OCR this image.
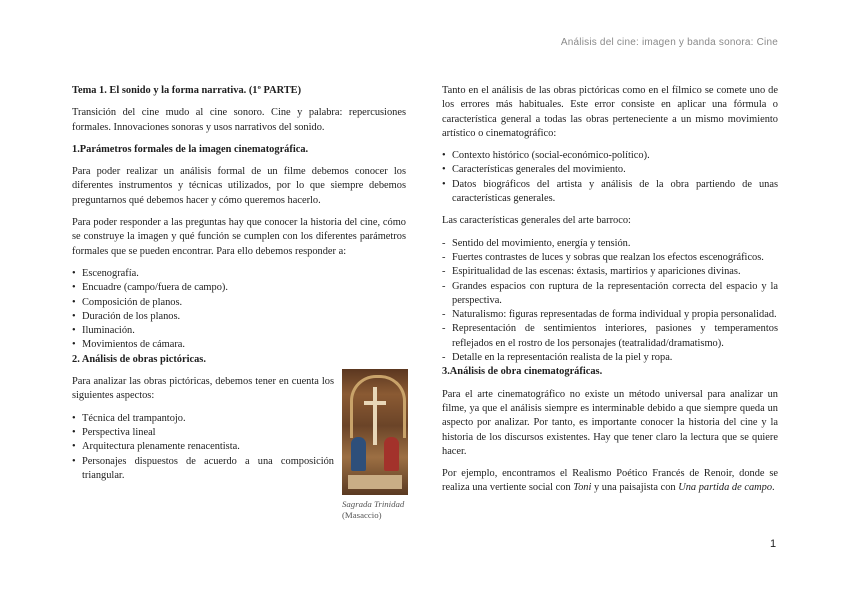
Análisis del cine: imagen y banda sonora: Cine
Tema 1. El sonido y la forma narrativa. (1º PARTE)

Transición del cine mudo al cine sonoro. Cine y palabra: repercusiones formales. Innovaciones sonoras y usos narrativos del sonido.

1.Parámetros formales de la imagen cinematográfica.

Para poder realizar un análisis formal de un filme debemos conocer los diferentes instrumentos y técnicas utilizados, por lo que siempre debemos preguntarnos qué debemos hacer y cómo queremos hacerlo.

Para poder responder a las preguntas hay que conocer la historia del cine, cómo se construye la imagen y qué función se cumplen con los diferentes parámetros formales que se pueden encontrar. Para ello debemos responder a:

• Escenografía.
• Encuadre (campo/fuera de campo).
• Composición de planos.
• Duración de los planos.
• Iluminación.
• Movimientos de cámara.
2. Análisis de obras pictóricas.

Para analizar las obras pictóricas, debemos tener en cuenta los siguientes aspectos:

• Técnica del trampantojo.
• Perspectiva lineal
• Arquitectura plenamente renacentista.
• Personajes dispuestos de acuerdo a una composición triangular.
Sagrada Trinidad
(Masaccio)

Tanto en el análisis de las obras pictóricas como en el fílmico se comete uno de los errores más habituales. Este error consiste en aplicar una fórmula o característica general a todas las obras perteneciente a un mismo movimiento artístico o cinematográfico:

• Contexto histórico (social-económico-político).
• Características generales del movimiento.
• Datos biográficos del artista y análisis de la obra partiendo de unas características generales.

Las características generales del arte barroco:

- Sentido del movimiento, energía y tensión.
- Fuertes contrastes de luces y sobras que realzan los efectos escenográficos.
- Espiritualidad de las escenas: éxtasis, martirios y apariciones divinas.
- Grandes espacios con ruptura de la representación correcta del espacio y la perspectiva.
- Naturalismo: figuras representadas de forma individual y propia personalidad.
- Representación de sentimientos interiores, pasiones y temperamentos reflejados en el rostro de los personajes (teatralidad/dramatismo).
- Detalle en la representación realista de la piel y ropa.
3.Análisis de obra cinematográficas.

Para el arte cinematográfico no existe un método universal para analizar un filme, ya que el análisis siempre es interminable debido a que siempre queda un aspecto por analizar. Por tanto, es importante conocer la historia del cine y la historia de los discursos existentes. Hay que tener claro la lectura que se quiere hacer.

Por ejemplo, encontramos el Realismo Poético Francés de Renoir, donde se realiza una vertiente social con Toni y una paisajista con Una partida de campo.

1
